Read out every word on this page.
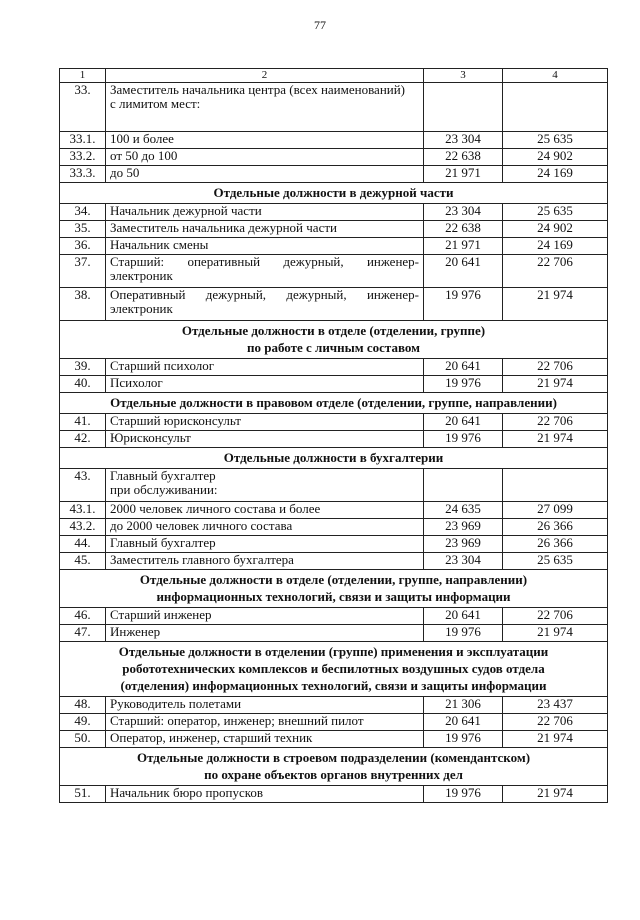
77
1	2	3	4
33.	Заместитель начальника центра (всех наименований)
с лимитом мест:		

33.1.	100 и более	23 304	25 635
33.2.	от 50 до 100	22 638	24 902
33.3.	до 50	21 971	24 169

Отдельные должности в дежурной части			

34.	Начальник дежурной части	23 304	25 635
35.	Заместитель начальника дежурной части	22 638	24 902
36.	Начальник смены	21 971	24 169
37.	Старший: оперативный дежурный, инженер-электроник	20 641	22 706
38.	Оперативный дежурный, дежурный, инженер-электроник	19 976	21 974

Отдельные должности в отделе (отделении, группе)
по работе с личным составом			

39.	Старший психолог	20 641	22 706
40.	Психолог	19 976	21 974

Отдельные должности в правовом отделе (отделении, группе, направлении)			

41.	Старший юрисконсульт	20 641	22 706
42.	Юрисконсульт	19 976	21 974

Отдельные должности в бухгалтерии			

43.	Главный бухгалтер
при обслуживании:		

43.1.	2000 человек личного состава и более	24 635	27 099
43.2.	до 2000 человек личного состава	23 969	26 366
44.	Главный бухгалтер	23 969	26 366
45.	Заместитель главного бухгалтера	23 304	25 635

Отдельные должности в отделе (отделении, группе, направлении)
информационных технологий, связи и защиты информации			

46.	Старший инженер	20 641	22 706
47.	Инженер	19 976	21 974

Отдельные должности в отделении (группе) применения и эксплуатации
робототехнических комплексов и беспилотных воздушных судов отдела
(отделения) информационных технологий, связи и защиты информации			

48.	Руководитель полетами	21 306	23 437
49.	Старший: оператор, инженер; внешний пилот	20 641	22 706
50.	Оператор, инженер, старший техник	19 976	21 974

Отдельные должности в строевом подразделении (комендантском)
по охране объектов органов внутренних дел			

51.	Начальник бюро пропусков	19 976	21 974
